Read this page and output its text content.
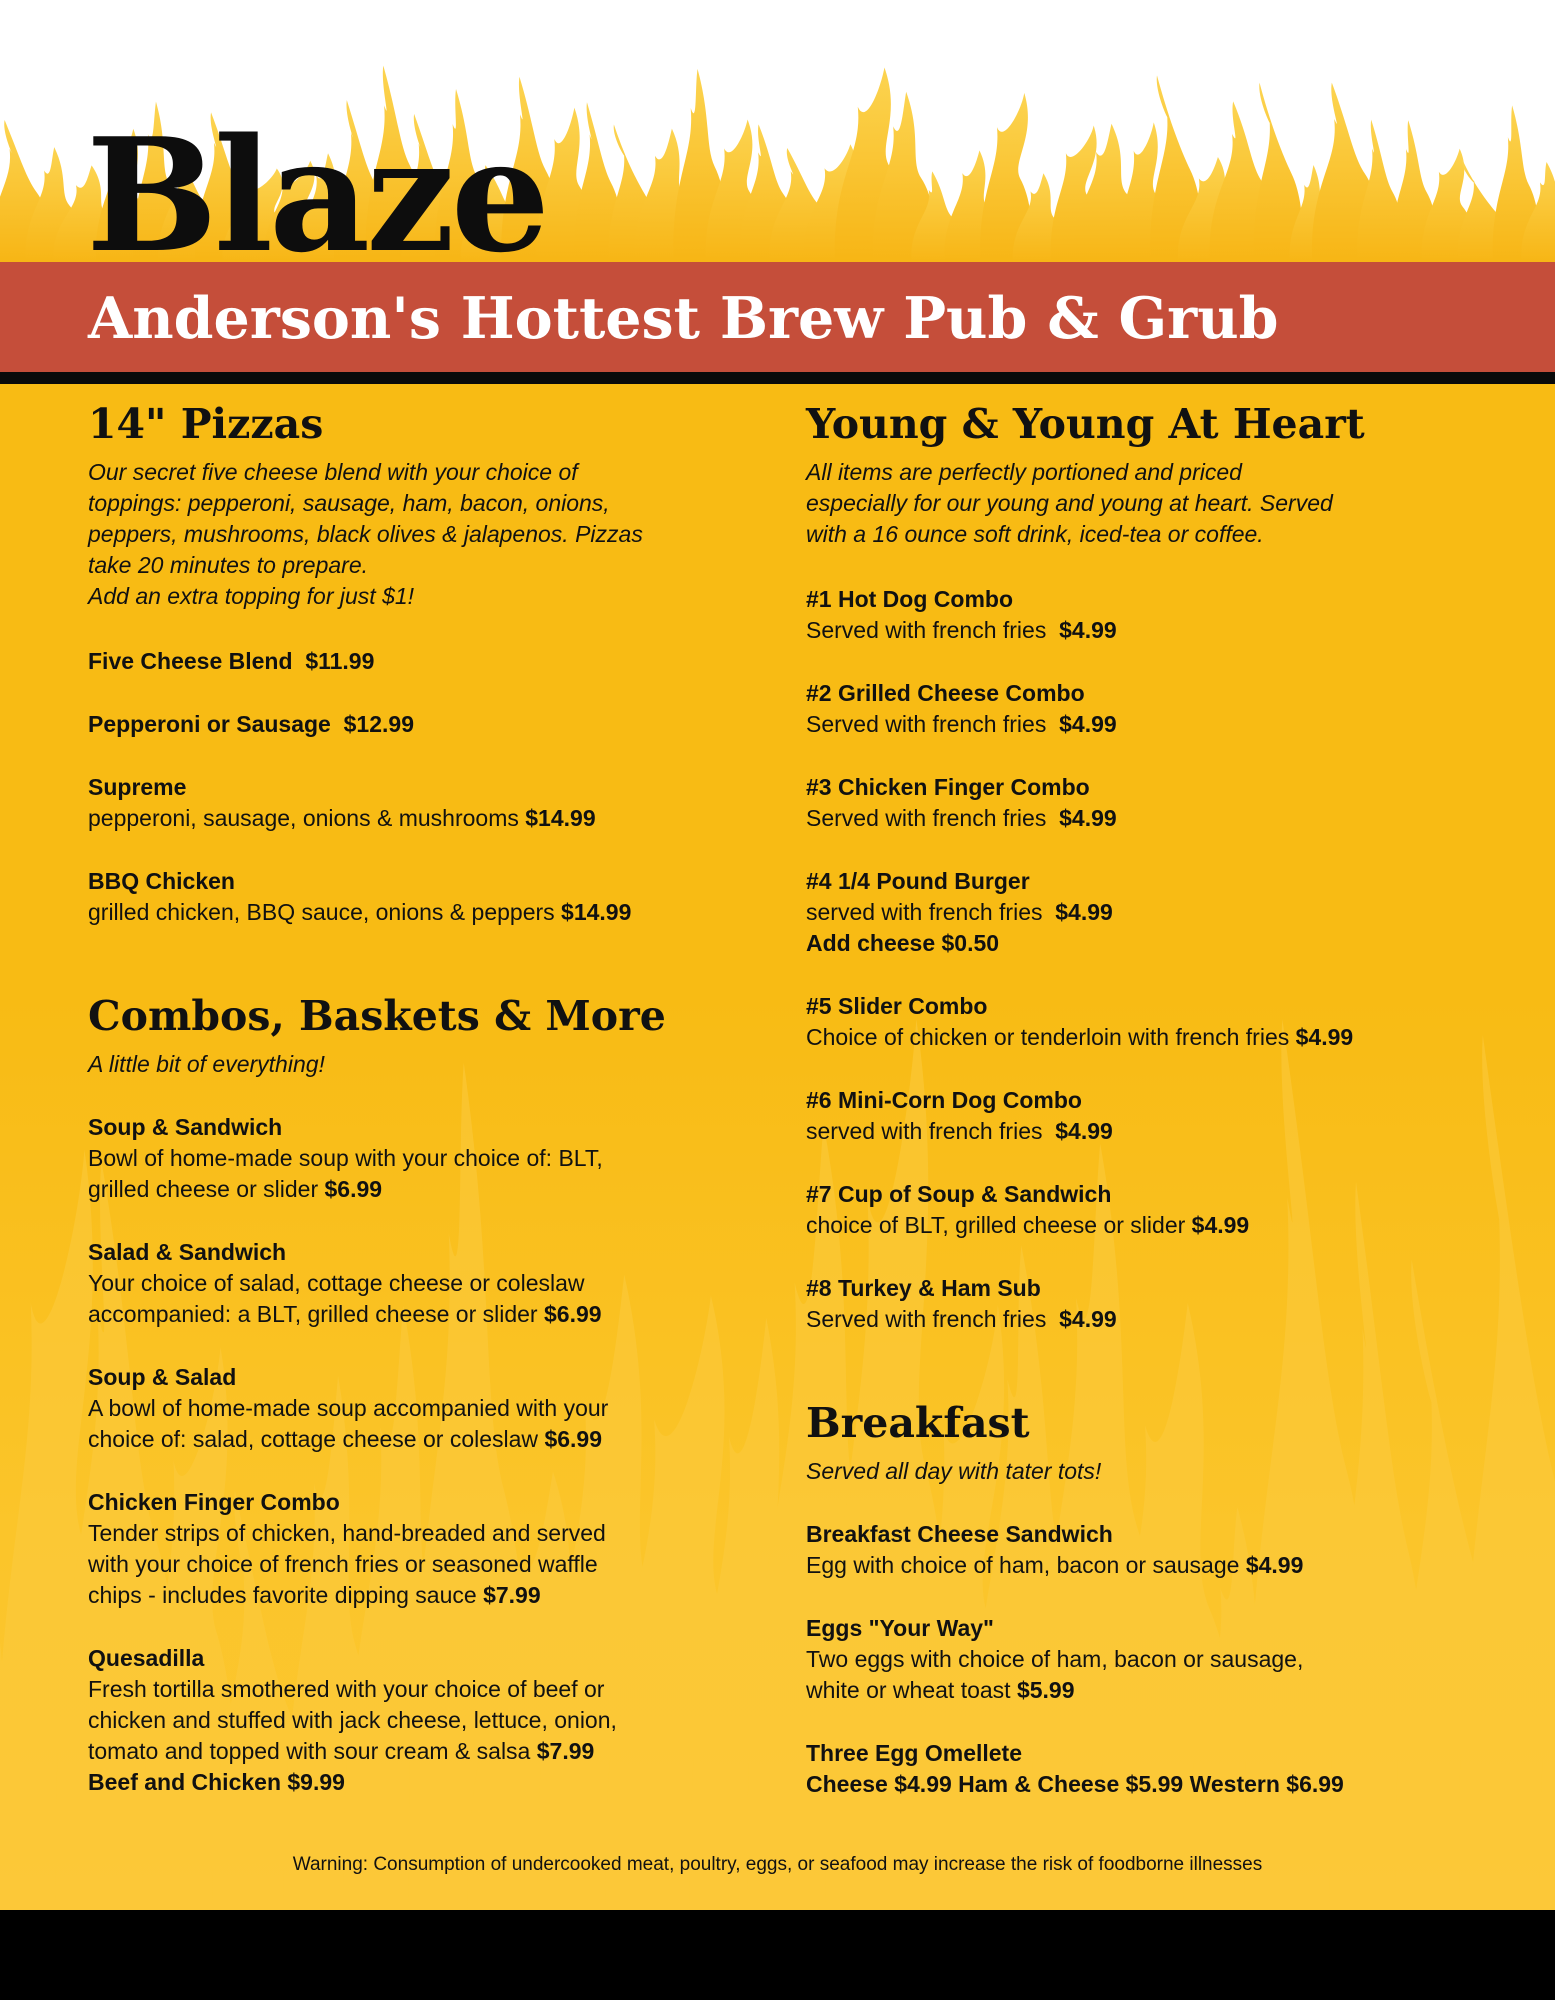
Blaze
Anderson's Hottest Brew Pub & Grub
14" Pizzas
Our secret five cheese blend with your choice of
toppings: pepperoni, sausage, ham, bacon, onions,
peppers, mushrooms, black olives & jalapenos. Pizzas
take 20 minutes to prepare.
Add an extra topping for just $1!
Five Cheese Blend $11.99
Pepperoni or Sausage $12.99
Supreme
pepperoni, sausage, onions & mushrooms $14.99
BBQ Chicken
grilled chicken, BBQ sauce, onions & peppers $14.99
Combos, Baskets & More
A little bit of everything!
Soup & Sandwich
Bowl of home-made soup with your choice of: BLT,
grilled cheese or slider $6.99
Salad & Sandwich
Your choice of salad, cottage cheese or coleslaw
accompanied: a BLT, grilled cheese or slider $6.99
Soup & Salad
A bowl of home-made soup accompanied with your
choice of: salad, cottage cheese or coleslaw $6.99
Chicken Finger Combo
Tender strips of chicken, hand-breaded and served
with your choice of french fries or seasoned waffle
chips - includes favorite dipping sauce $7.99
Quesadilla
Fresh tortilla smothered with your choice of beef or
chicken and stuffed with jack cheese, lettuce, onion,
tomato and topped with sour cream & salsa $7.99
Beef and Chicken $9.99
Young & Young At Heart
All items are perfectly portioned and priced
especially for our young and young at heart. Served
with a 16 ounce soft drink, iced-tea or coffee.
#1 Hot Dog Combo
Served with french fries $4.99
#2 Grilled Cheese Combo
Served with french fries $4.99
#3 Chicken Finger Combo
Served with french fries $4.99
#4 1/4 Pound Burger
served with french fries $4.99
Add cheese $0.50
#5 Slider Combo
Choice of chicken or tenderloin with french fries $4.99
#6 Mini-Corn Dog Combo
served with french fries $4.99
#7 Cup of Soup & Sandwich
choice of BLT, grilled cheese or slider $4.99
#8 Turkey & Ham Sub
Served with french fries $4.99
Breakfast
Served all day with tater tots!
Breakfast Cheese Sandwich
Egg with choice of ham, bacon or sausage $4.99
Eggs "Your Way"
Two eggs with choice of ham, bacon or sausage,
white or wheat toast $5.99
Three Egg Omellete
Cheese $4.99 Ham & Cheese $5.99 Western $6.99
Warning: Consumption of undercooked meat, poultry, eggs, or seafood may increase the risk of foodborne illnesses
